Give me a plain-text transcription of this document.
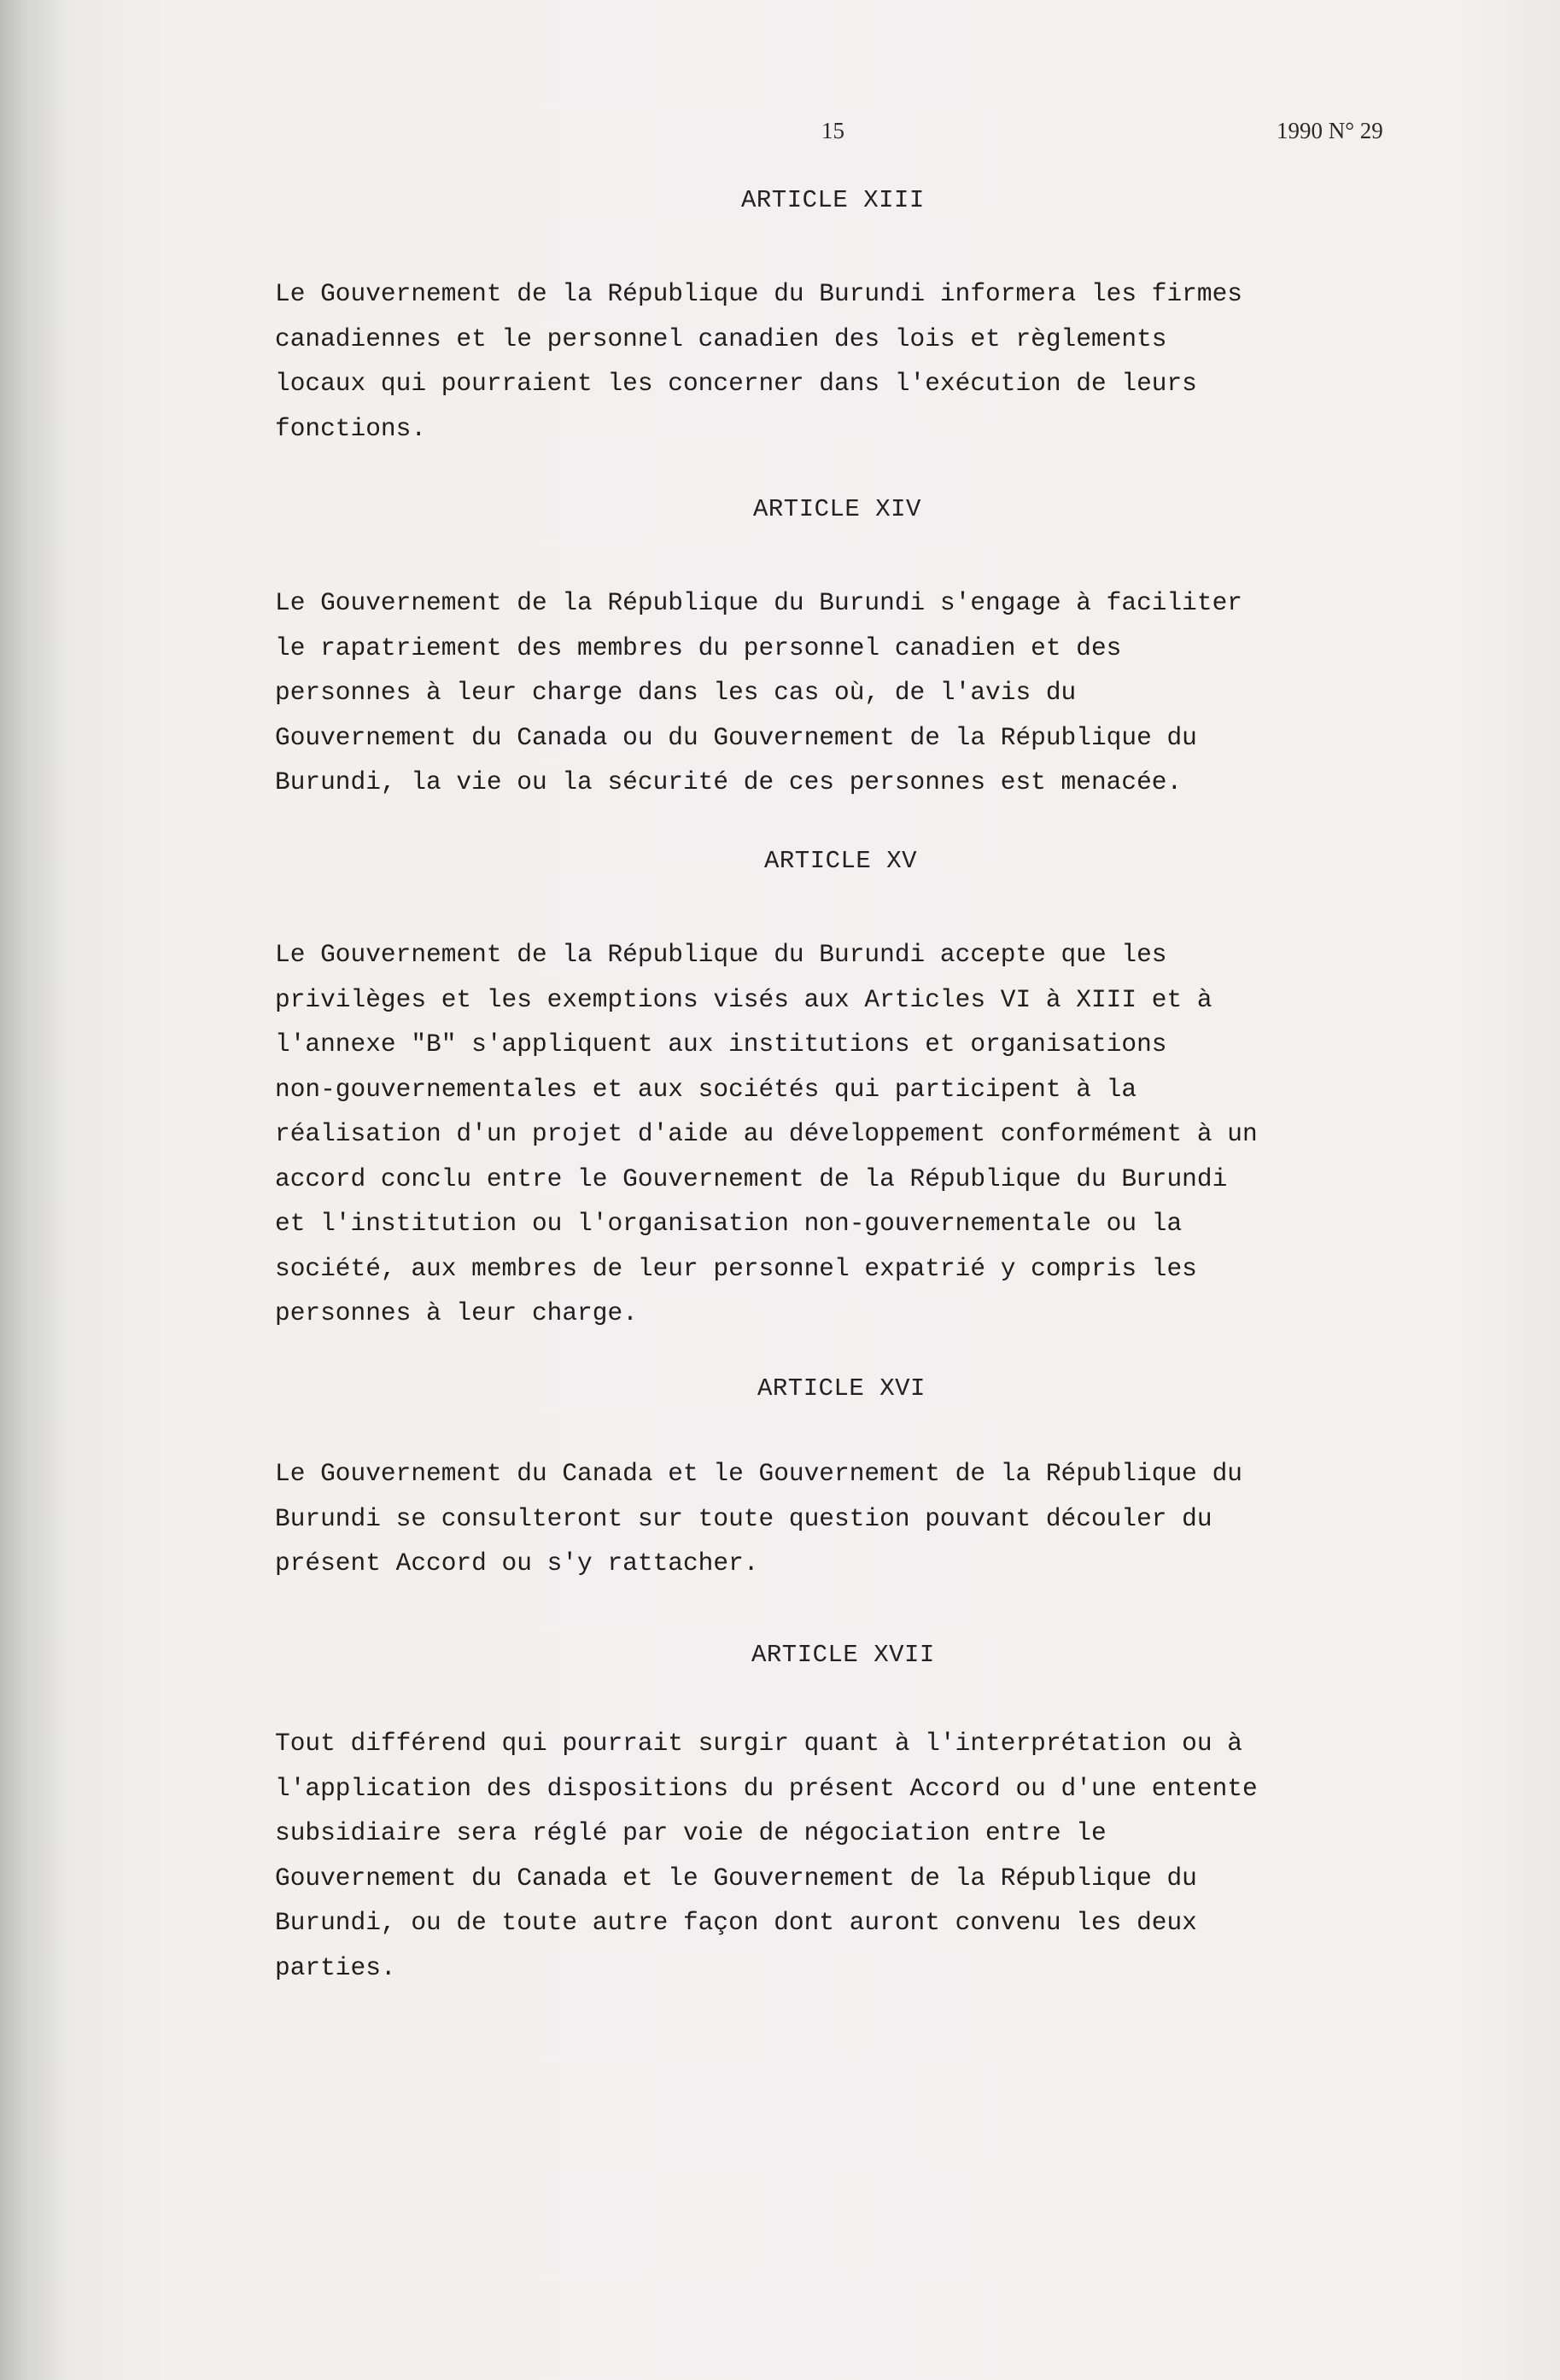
15	1990 N° 29
ARTICLE XIII
Le Gouvernement de la République du Burundi informera les firmes
canadiennes et le personnel canadien des lois et règlements
locaux qui pourraient les concerner dans l'exécution de leurs
fonctions.
ARTICLE XIV
Le Gouvernement de la République du Burundi s'engage à faciliter
le rapatriement des membres du personnel canadien et des
personnes à leur charge dans les cas où, de l'avis du
Gouvernement du Canada ou du Gouvernement de la République du
Burundi, la vie ou la sécurité de ces personnes est menacée.
ARTICLE XV
Le Gouvernement de la République du Burundi accepte que les
privilèges et les exemptions visés aux Articles VI à XIII et à
l'annexe "B" s'appliquent aux institutions et organisations
non-gouvernementales et aux sociétés qui participent à la
réalisation d'un projet d'aide au développement conformément à un
accord conclu entre le Gouvernement de la République du Burundi
et l'institution ou l'organisation non-gouvernementale ou la
société, aux membres de leur personnel expatrié y compris les
personnes à leur charge.
ARTICLE XVI
Le Gouvernement du Canada et le Gouvernement de la République du
Burundi se consulteront sur toute question pouvant découler du
présent Accord ou s'y rattacher.
ARTICLE XVII
Tout différend qui pourrait surgir quant à l'interprétation ou à
l'application des dispositions du présent Accord ou d'une entente
subsidiaire sera réglé par voie de négociation entre le
Gouvernement du Canada et le Gouvernement de la République du
Burundi, ou de toute autre façon dont auront convenu les deux
parties.
